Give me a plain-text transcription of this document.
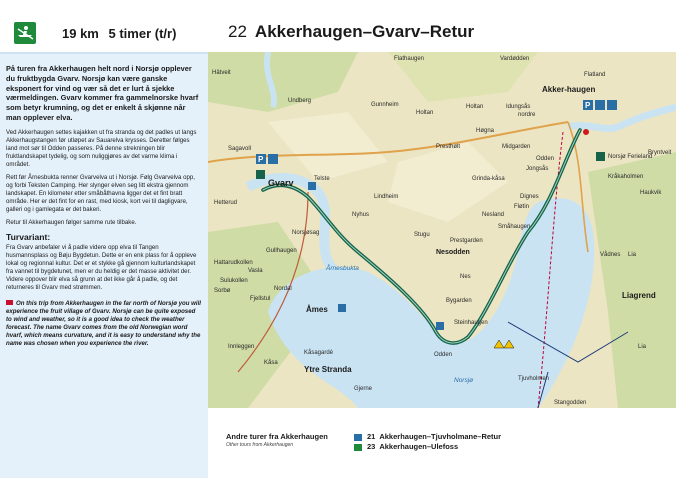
19 km 5 timer (t/r)

På turen fra Akkerhaugen helt nord i Norsjø opplever du fruktbygda Gvarv. Norsjø kan være ganske eksponert for vind og vær så det er lurt å sjekke værmeldingen. Gvarv kommer fra gammelnorske hvarf som betyr krumning, og det er enkelt å skjønne når man opplever elva.

Ved Akkerhaugen settes kajakken ut fra stranda og det padles ut langs Akkerhaugstangen før utløpet av Sauarelva krysses. Deretter følges land mot sør til Odden passeres. På denne strekningen blir fruktlandskapet tydelig, og som nuliggjøres av det varme klima i området.

Rett før Årnesbukta renner Gvarvelva ut i Norsjø. Følg Gvarvelva opp, og forbi Teksten Camping. Her slynger elven seg litt ekstra gjennom landskapet. En kilometer etter småbåthavna ligger det et fint bratt område. Her er det fint for en rast, med kiosk, kort vei til dagligvare, galleri og i gamlegata er det bakeri.

Retur til Akkerhaugen følger samme rute tilbake.

Turvariant:

Fra Gvarv anbefaler vi å padle videre opp elva til Tangen husmannsplass og Bøju Bygdetun. Dette er en enk plass for å oppleve lokal og regionnal kultur. Det er et stykke gå gjennom kulturlandskapet fra vannet til bygdetunet, men er du heldig er det masse aktivitet der. Videre oppover blir elva så grunn at det ikke går å padle, og det returneres til Gvarv med strømmen.

On this trip from Akkerhaugen in the far north of Norsjø you will experience the fruit village of Gvarv. Norsjø can be quite exposed to wind and weather, so it is a good idea to check the weather forecast. The name Gvarv comes from the old Norwegian word hvarf, which means curvature, and it is easy to understand why the name was chosen when you experience the river.

22 Akkerhaugen–Gvarv–Retur
P
P
Hâtveit
Flathaugen	Vardødden
Flatland
Undberg
Gunnheim
Holtan
Holtan	Idungsås
nordre
Høgna
Midgarden
Presthølt
Odden
Jongsås
Bryntveit
Norsjø Ferieland
Kråkaholmen
Haukvik
Sagavoll
Telste	Grinda-kåsa
Dignes
Fløtin
Lindheim
Hetterud
Nyhus	Nesland
Småhaugen
Norsjøsag	Stugu
Prestgarden
Nesodden
Årnesbukta
Gullhaugen
Hattarudkollen
Vasla
Sulukollen
Sorbø
Fjellstul
Nordal
Nes
Bygarden
Vådnes Lia
Lia
Liagrend
Åmes
Steinhaugen
Innleggen
Kåsa
Kåsagardé	Odden
Ytre Stranda
Norsjø	Tjuvholmen
Gjerne
Stangodden
Gvarv
Akker-haugen
Andre turer fra Akkerhaugen
Other tours from Akkerhaugen
21 Akkerhaugen–Tjuvholmane–Retur
23 Akkerhaugen–Ulefoss
